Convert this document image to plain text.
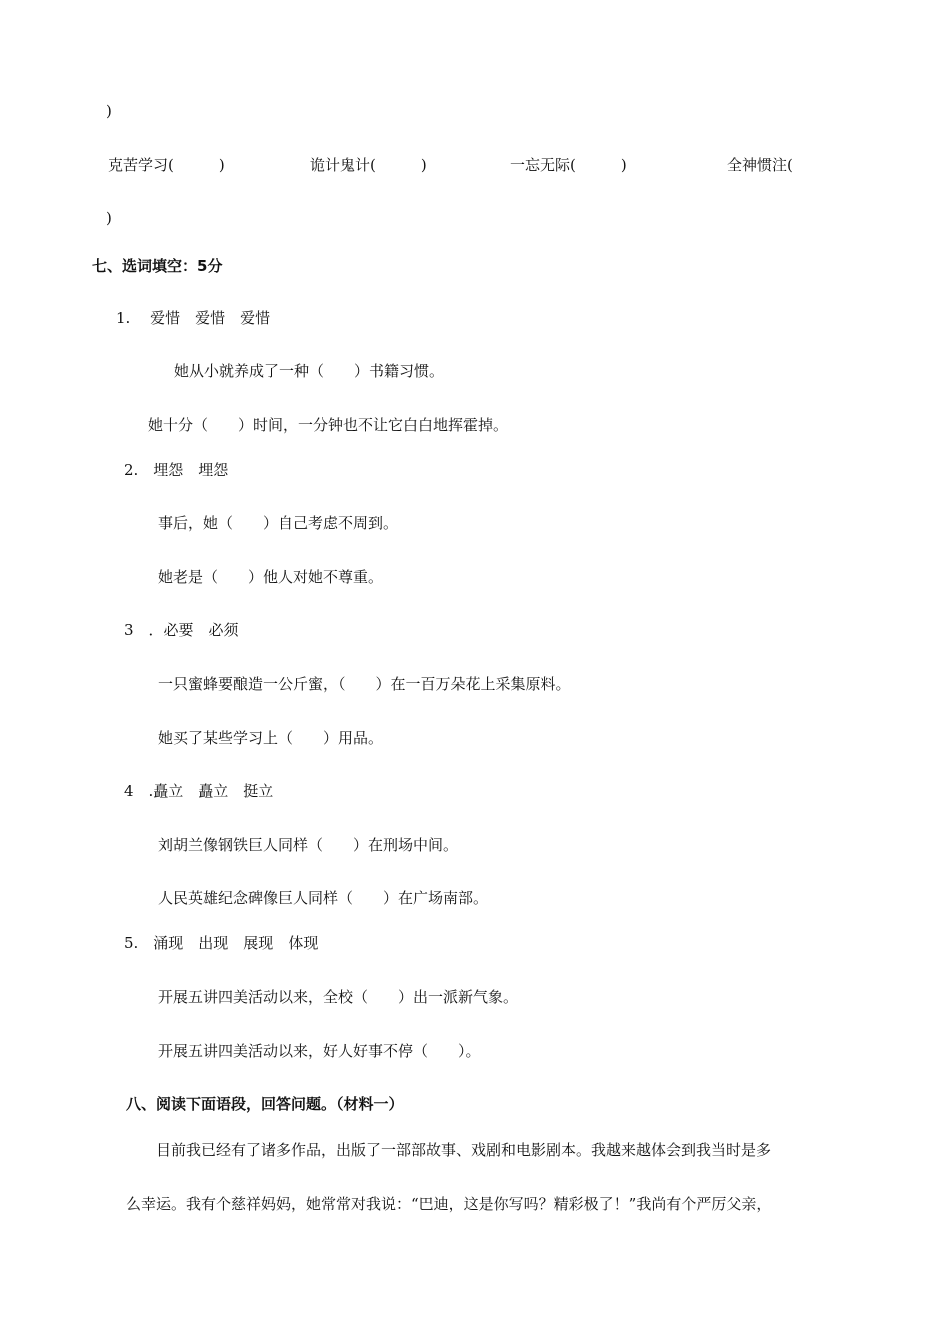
)
克苦学习(　　　)	诡计鬼计(　　　)	一忘无际(　　　)	全神惯注(
)
七、选词填空：5分
1.　 爱惜　爱惜　爱惜
她从小就养成了一种（　　）书籍习惯。
她十分（　　）时间，一分钟也不让它白白地挥霍掉。
2.　埋怨　埋怨
事后，她（　　）自己考虑不周到。
她老是（　　）他人对她不尊重。
3　．必要　必须
一只蜜蜂要酿造一公斤蜜，（　　）在一百万朵花上采集原料。
她买了某些学习上（　　）用品。
4　.矗立　矗立　挺立
刘胡兰像钢铁巨人同样（　　）在刑场中间。
人民英雄纪念碑像巨人同样（　　）在广场南部。
5.　涌现　出现　展现　体现
开展五讲四美活动以来，全校（　　）出一派新气象。
开展五讲四美活动以来，好人好事不停（　　）。
八、阅读下面语段，回答问题。（材料一）
　　目前我已经有了诸多作品，出版了一部部故事、戏剧和电影剧本。我越来越体会到我当时是多
么幸运。我有个慈祥妈妈，她常常对我说：“巴迪，这是你写吗？精彩极了！”我尚有个严厉父亲，
